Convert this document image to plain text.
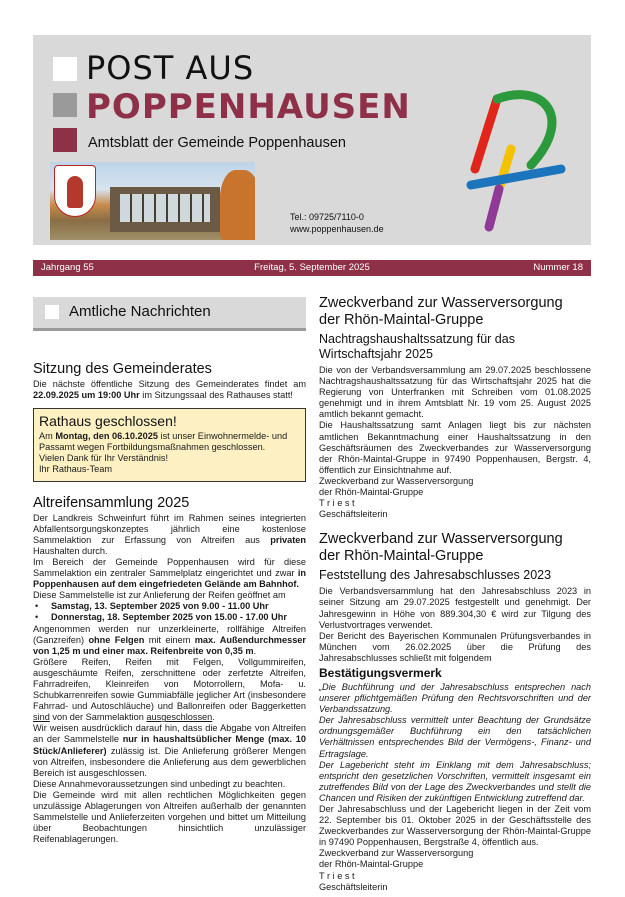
POST AUS
POPPENHAUSEN
Amtsblatt der Gemeinde Poppenhausen
Tel.: 09725/7110-0
www.poppenhausen.de
Jahrgang 55	Freitag, 5. September 2025	Nummer 18
Amtliche Nachrichten
Sitzung des Gemeinderates

Die nächste öffentliche Sitzung des Gemeinderates findet am 22.09.2025 um 19:00 Uhr im Sitzungssaal des Rathauses statt!

Rathaus geschlossen!

Am Montag, den 06.10.2025 ist unser Einwohnermelde- und Passamt wegen Fortbildungsmaßnahmen geschlossen.

Vielen Dank für Ihr Verständnis!

Ihr Rathaus-Team

Altreifensammlung 2025

Der Landkreis Schweinfurt führt im Rahmen seines integrierten Abfallentsorgungskonzeptes jährlich eine kostenlose Sammelaktion zur Erfassung von Altreifen aus privaten Haushalten durch.

Im Bereich der Gemeinde Poppenhausen wird für diese Sammelaktion ein zentraler Sammelplatz eingerichtet und zwar in Poppenhausen auf dem eingefriedeten Gelände am Bahnhof.

Diese Sammelstelle ist zur Anlieferung der Reifen geöffnet am

• Samstag, 13. September 2025 von 9.00 - 11.00 Uhr
• Donnerstag, 18. September 2025 von 15.00 - 17.00 Uhr

Angenommen werden nur unzerkleinerte, rollfähige Altreifen (Ganzreifen) ohne Felgen mit einem max. Außendurchmesser von 1,25 m und einer max. Reifenbreite von 0,35 m.

Größere Reifen, Reifen mit Felgen, Vollgummireifen, ausgeschäumte Reifen, zerschnittene oder zerfetzte Altreifen, Fahrradreifen, Kleinreifen von Motorrollern, Mofa- u. Schubkarrenreifen sowie Gummiabfälle jeglicher Art (insbesondere Fahrrad- und Autoschläuche) und Ballonreifen oder Baggerketten sind von der Sammelaktion ausgeschlossen.

Wir weisen ausdrücklich darauf hin, dass die Abgabe von Altreifen an der Sammelstelle nur in haushaltsüblicher Menge (max. 10 Stück/Anlieferer) zulässig ist. Die Anlieferung größerer Mengen von Altreifen, insbesondere die Anlieferung aus dem gewerblichen Bereich ist ausgeschlossen.

Diese Annahmevoraussetzungen sind unbedingt zu beachten.

Die Gemeinde wird mit allen rechtlichen Möglichkeiten gegen unzulässige Ablagerungen von Altreifen außerhalb der genannten Sammelstelle und Anlieferzeiten vorgehen und bittet um Mitteilung über Beobachtungen hinsichtlich unzulässiger Reifenablagerungen.

Zweckverband zur Wasserversorgung
der Rhön-Maintal-Gruppe
Nachtragshaushaltssatzung für das
Wirtschaftsjahr 2025

Die von der Verbandsversammlung am 29.07.2025 beschlossene Nachtragshaushaltssatzung für das Wirtschaftsjahr 2025 hat die Regierung von Unterfranken mit Schreiben vom 01.08.2025 genehmigt und in ihrem Amtsblatt Nr. 19 vom 25. August 2025 amtlich bekannt gemacht.

Die Haushaltssatzung samt Anlagen liegt bis zur nächsten amtlichen Bekanntmachung einer Haushaltssatzung in den Geschäftsräumen des Zweckverbandes zur Wasserversorgung der Rhön-Maintal-Gruppe in 97490 Poppenhausen, Bergstr. 4, öffentlich zur Einsichtnahme auf.

Zweckverband zur Wasserversorgung

der Rhön-Maintal-Gruppe

T r i e s t

Geschäftsleiterin

Zweckverband zur Wasserversorgung
der Rhön-Maintal-Gruppe
Feststellung des Jahresabschlusses 2023

Die Verbandsversammlung hat den Jahresabschluss 2023 in seiner Sitzung am 29.07.2025 festgestellt und genehmigt. Der Jahresgewinn in Höhe von 889.304,30 € wird zur Tilgung des Verlustvortrages verwendet.

Der Bericht des Bayerischen Kommunalen Prüfungsverbandes in München vom 26.02.2025 über die Prüfung des Jahresabschlusses schließt mit folgendem

Bestätigungsvermerk

„Die Buchführung und der Jahresabschluss entsprechen nach unserer pflichtgemäßen Prüfung den Rechtsvorschriften und der Verbandssatzung.

Der Jahresabschluss vermittelt unter Beachtung der Grundsätze ordnungsgemäßer Buchführung ein den tatsächlichen Verhältnissen entsprechendes Bild der Vermögens-, Finanz- und Ertragslage.

Der Lagebericht steht im Einklang mit dem Jahresabschluss; entspricht den gesetzlichen Vorschriften, vermittelt insgesamt ein zutreffendes Bild von der Lage des Zweckverbandes und stellt die Chancen und Risiken der zukünftigen Entwicklung zutreffend dar.

Der Jahresabschluss und der Lagebericht liegen in der Zeit vom 22. September bis 01. Oktober 2025 in der Geschäftsstelle des Zweckverbandes zur Wasserversorgung der Rhön-Maintal-Gruppe in 97490 Poppenhausen, Bergstraße 4, öffentlich aus.

Zweckverband zur Wasserversorgung

der Rhön-Maintal-Gruppe

T r i e s t

Geschäftsleiterin
